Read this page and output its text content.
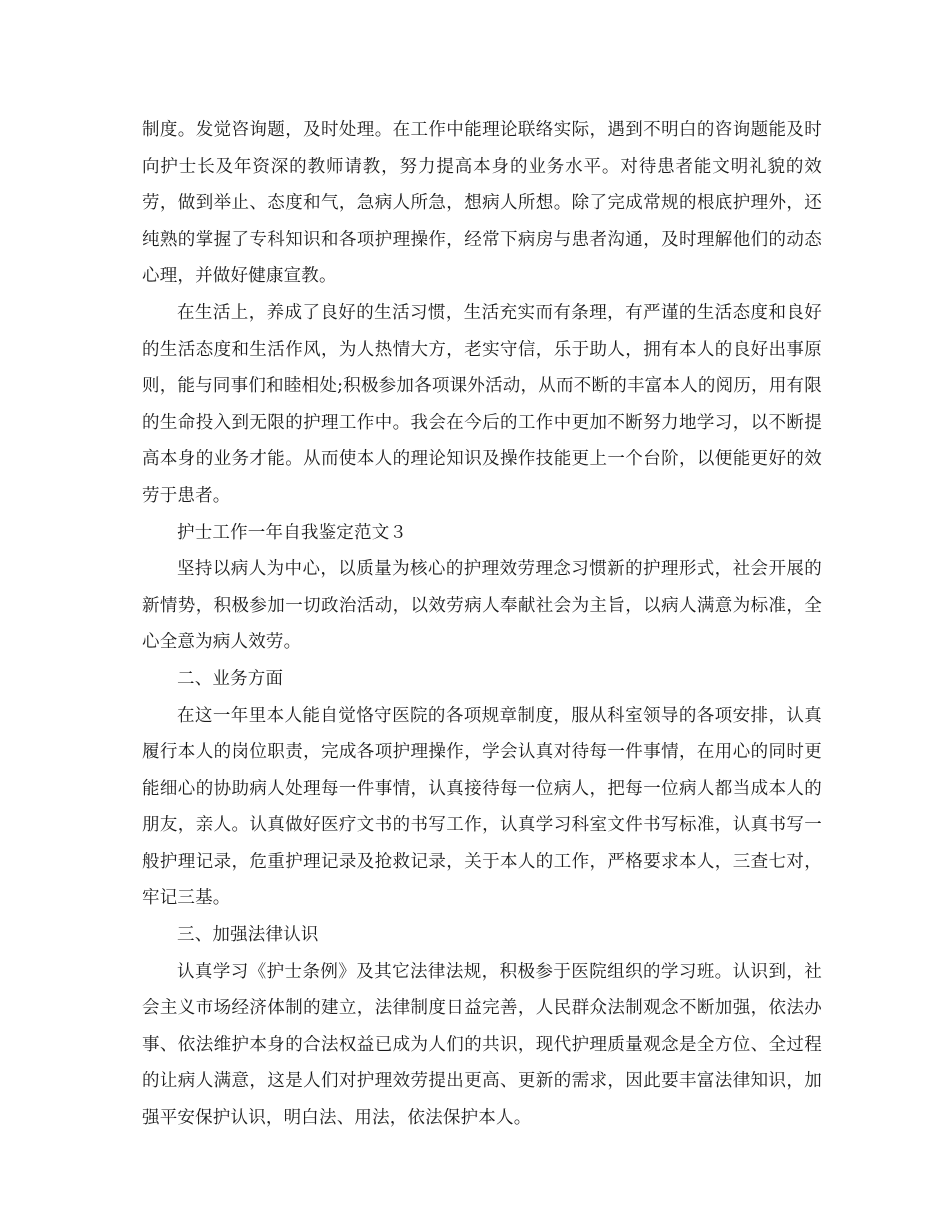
制度。发觉咨询题，及时处理。在工作中能理论联络实际，遇到不明白的咨询题能及时向护士长及年资深的教师请教，努力提高本身的业务水平。对待患者能文明礼貌的效劳，做到举止、态度和气，急病人所急，想病人所想。除了完成常规的根底护理外，还纯熟的掌握了专科知识和各项护理操作，经常下病房与患者沟通，及时理解他们的动态心理，并做好健康宣教。

在生活上，养成了良好的生活习惯，生活充实而有条理，有严谨的生活态度和良好的生活态度和生活作风，为人热情大方，老实守信，乐于助人，拥有本人的良好出事原则，能与同事们和睦相处;积极参加各项课外活动，从而不断的丰富本人的阅历，用有限的生命投入到无限的护理工作中。我会在今后的工作中更加不断努力地学习，以不断提高本身的业务才能。从而使本人的理论知识及操作技能更上一个台阶，以便能更好的效劳于患者。

护士工作一年自我鉴定范文３

坚持以病人为中心，以质量为核心的护理效劳理念习惯新的护理形式，社会开展的新情势，积极参加一切政治活动，以效劳病人奉献社会为主旨，以病人满意为标准，全心全意为病人效劳。

二、业务方面

在这一年里本人能自觉恪守医院的各项规章制度，服从科室领导的各项安排，认真履行本人的岗位职责，完成各项护理操作，学会认真对待每一件事情，在用心的同时更能细心的协助病人处理每一件事情，认真接待每一位病人，把每一位病人都当成本人的朋友，亲人。认真做好医疗文书的书写工作，认真学习科室文件书写标准，认真书写一般护理记录，危重护理记录及抢救记录，关于本人的工作，严格要求本人，三查七对，牢记三基。

三、加强法律认识

认真学习《护士条例》及其它法律法规，积极参于医院组织的学习班。认识到，社会主义市场经济体制的建立，法律制度日益完善，人民群众法制观念不断加强，依法办事、依法维护本身的合法权益已成为人们的共识，现代护理质量观念是全方位、全过程的让病人满意，这是人们对护理效劳提出更高、更新的需求，因此要丰富法律知识，加强平安保护认识，明白法、用法，依法保护本人。
